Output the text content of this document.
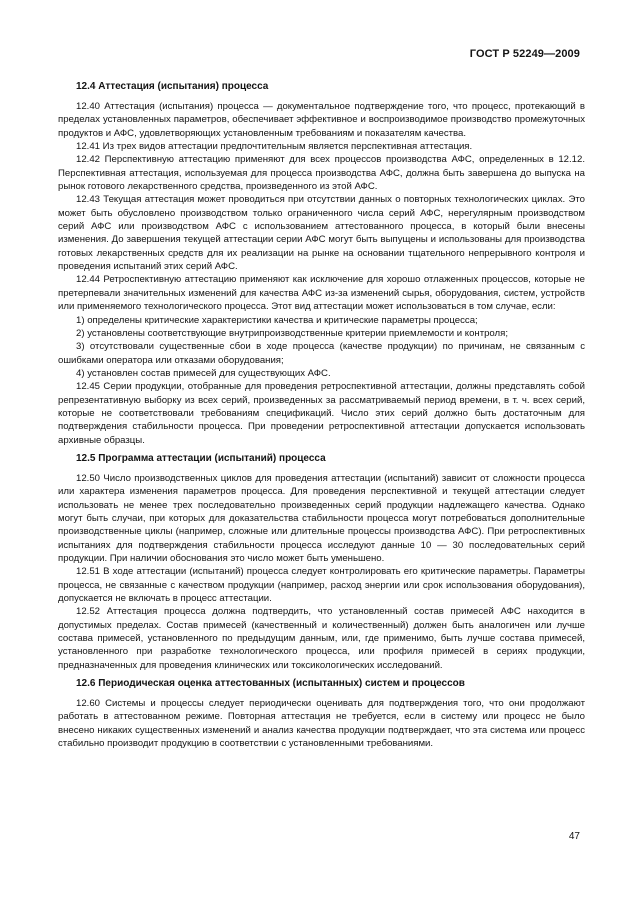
ГОСТ Р 52249—2009
12.4 Аттестация (испытания) процесса

12.40 Аттестация (испытания) процесса — документальное подтверждение того, что процесс, протекающий в пределах установленных параметров, обеспечивает эффективное и воспроизводимое производство промежуточных продуктов и АФС, удовлетворяющих установленным требованиям и показателям качества.

12.41 Из трех видов аттестации предпочтительным является перспективная аттестация.

12.42 Перспективную аттестацию применяют для всех процессов производства АФС, определенных в 12.12. Перспективная аттестация, используемая для процесса производства АФС, должна быть завершена до выпуска на рынок готового лекарственного средства, произведенного из этой АФС.

12.43 Текущая аттестация может проводиться при отсутствии данных о повторных технологических циклах. Это может быть обусловлено производством только ограниченного числа серий АФС, нерегулярным производством серий АФС или производством АФС с использованием аттестованного процесса, в который были внесены изменения. До завершения текущей аттестации серии АФС могут быть выпущены и использованы для производства готовых лекарственных средств для их реализации на рынке на основании тщательного непрерывного контроля и проведения испытаний этих серий АФС.

12.44 Ретроспективную аттестацию применяют как исключение для хорошо отлаженных процессов, которые не претерпевали значительных изменений для качества АФС из-за изменений сырья, оборудования, систем, устройств или применяемого технологического процесса. Этот вид аттестации может использоваться в том случае, если:

1) определены критические характеристики качества и критические параметры процесса;

2) установлены соответствующие внутрипроизводственные критерии приемлемости и контроля;

3) отсутствовали существенные сбои в ходе процесса (качестве продукции) по причинам, не связанным с ошибками оператора или отказами оборудования;

4) установлен состав примесей для существующих АФС.

12.45 Серии продукции, отобранные для проведения ретроспективной аттестации, должны представлять собой репрезентативную выборку из всех серий, произведенных за рассматриваемый период времени, в т. ч. всех серий, которые не соответствовали требованиям спецификаций. Число этих серий должно быть достаточным для подтверждения стабильности процесса. При проведении ретроспективной аттестации допускается использовать архивные образцы.

12.5 Программа аттестации (испытаний) процесса

12.50 Число производственных циклов для проведения аттестации (испытаний) зависит от сложности процесса или характера изменения параметров процесса. Для проведения перспективной и текущей аттестации следует использовать не менее трех последовательно произведенных серий продукции надлежащего качества. Однако могут быть случаи, при которых для доказательства стабильности процесса могут потребоваться дополнительные производственные циклы (например, сложные или длительные процессы производства АФС). При ретроспективных испытаниях для подтверждения стабильности процесса исследуют данные 10 — 30 последовательных серий продукции. При наличии обоснования это число может быть уменьшено.

12.51 В ходе аттестации (испытаний) процесса следует контролировать его критические параметры. Параметры процесса, не связанные с качеством продукции (например, расход энергии или срок использования оборудования), допускается не включать в процесс аттестации.

12.52 Аттестация процесса должна подтвердить, что установленный состав примесей АФС находится в допустимых пределах. Состав примесей (качественный и количественный) должен быть аналогичен или лучше состава примесей, установленного по предыдущим данным, или, где применимо, быть лучше состава примесей, установленного при разработке технологического процесса, или профиля примесей в сериях продукции, предназначенных для проведения клинических или токсикологических исследований.

12.6 Периодическая оценка аттестованных (испытанных) систем и процессов

12.60 Системы и процессы следует периодически оценивать для подтверждения того, что они продолжают работать в аттестованном режиме. Повторная аттестация не требуется, если в систему или процесс не было внесено никаких существенных изменений и анализ качества продукции подтверждает, что эта система или процесс стабильно производит продукцию в соответствии с установленными требованиями.

47
